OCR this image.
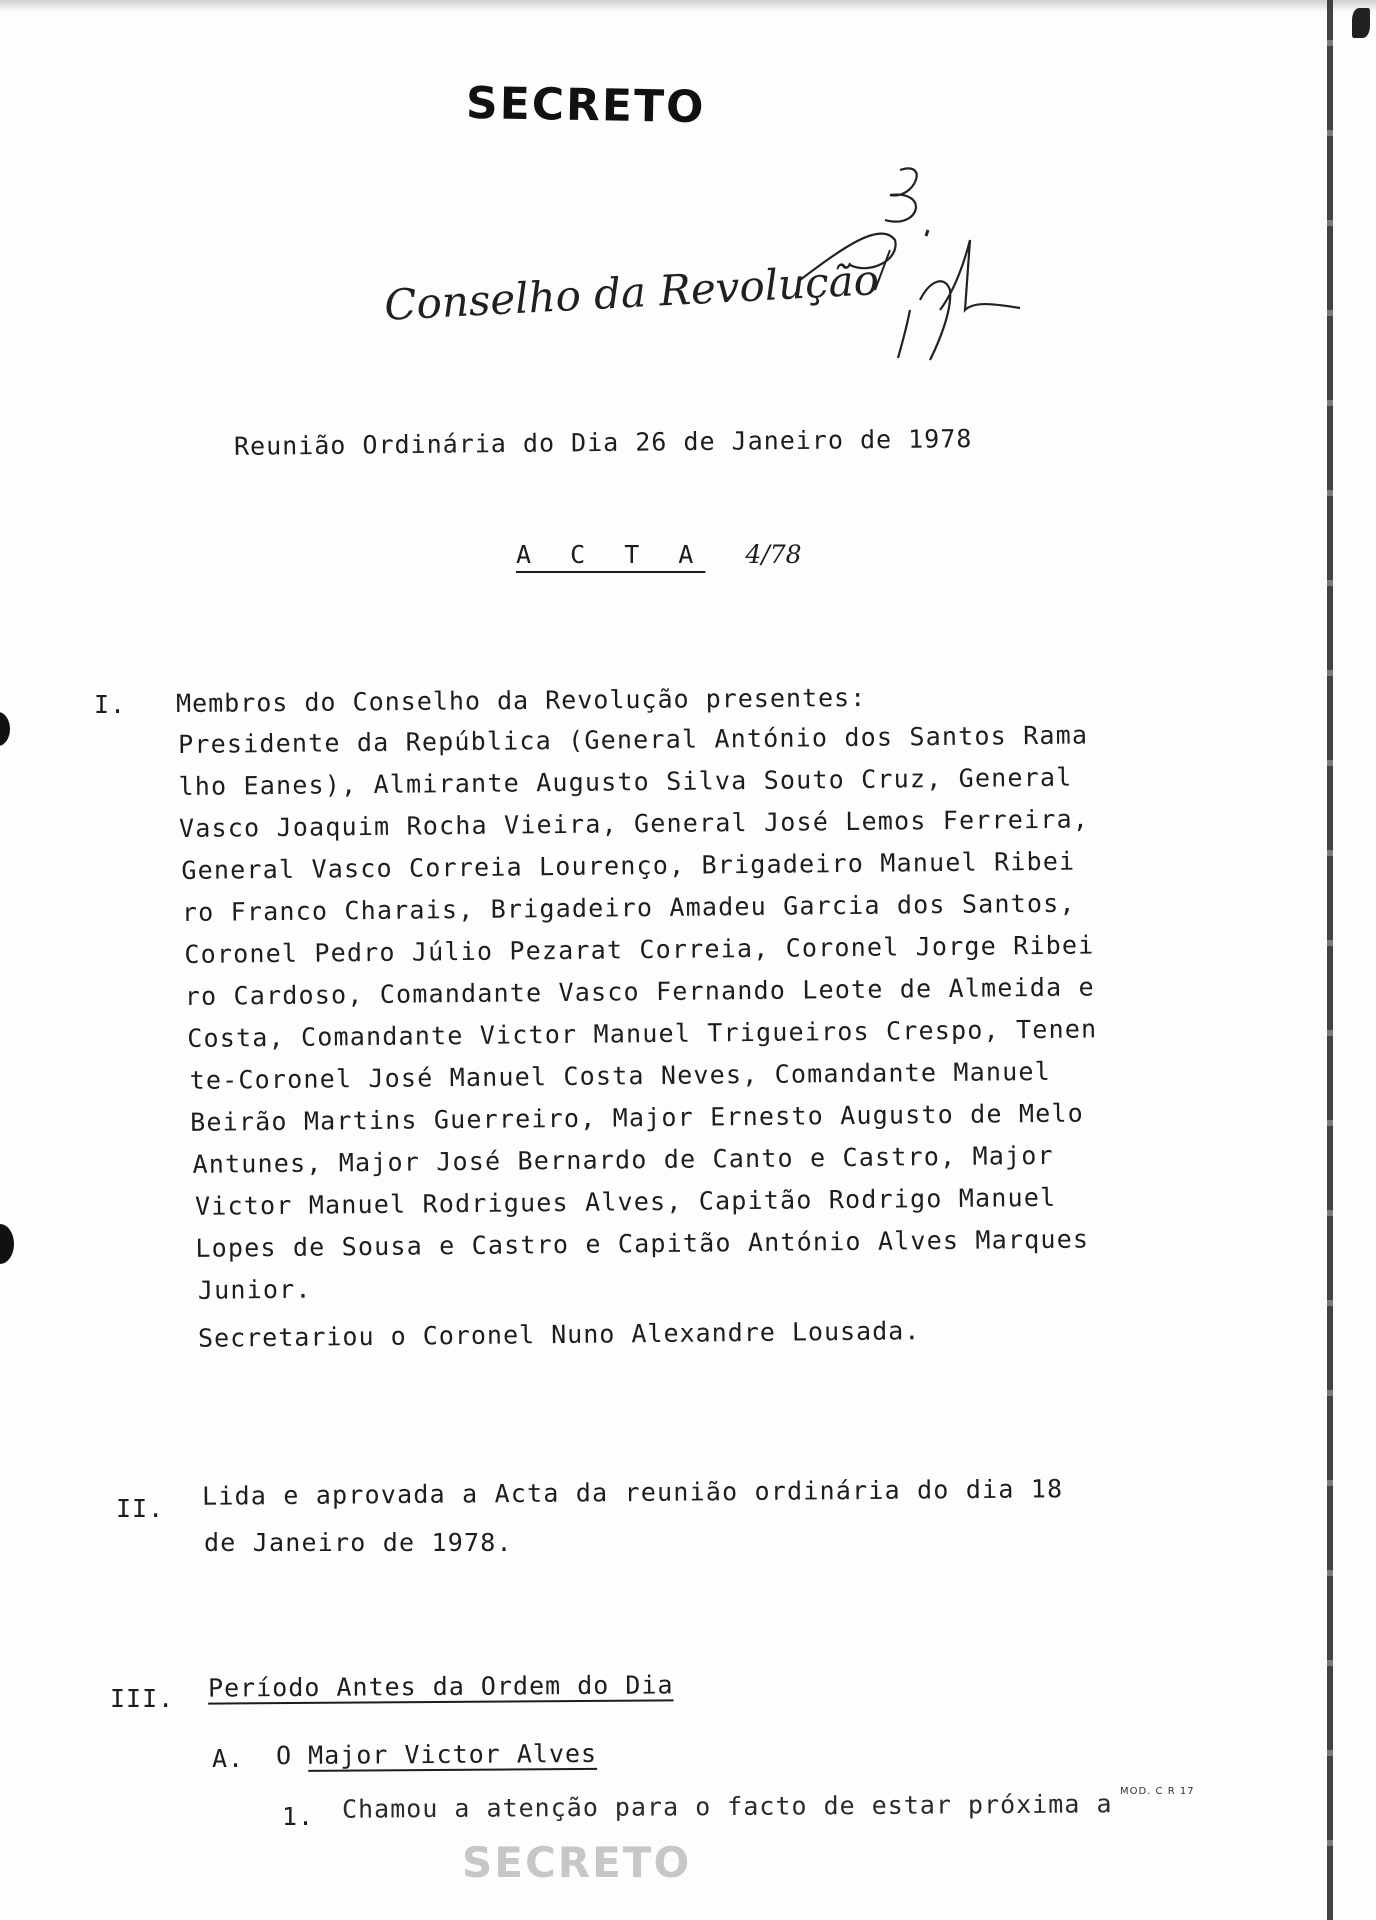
SECRETO
Conselho da Revolução
Reunião Ordinária do Dia 26 de Janeiro de 1978
A C T A 4/78
I. Membros do Conselho da Revolução presentes:
Presidente da República (General António dos Santos Rama
lho Eanes), Almirante Augusto Silva Souto Cruz, General
Vasco Joaquim Rocha Vieira, General José Lemos Ferreira,
General Vasco Correia Lourenço, Brigadeiro Manuel Ribei
ro Franco Charais, Brigadeiro Amadeu Garcia dos Santos,
Coronel Pedro Júlio Pezarat Correia, Coronel Jorge Ribei
ro Cardoso, Comandante Vasco Fernando Leote de Almeida e
Costa, Comandante Victor Manuel Trigueiros Crespo, Tenen
te-Coronel José Manuel Costa Neves, Comandante Manuel
Beirão Martins Guerreiro, Major Ernesto Augusto de Melo
Antunes, Major José Bernardo de Canto e Castro, Major
Victor Manuel Rodrigues Alves, Capitão Rodrigo Manuel
Lopes de Sousa e Castro e Capitão António Alves Marques
Junior.
Secretariou o Coronel Nuno Alexandre Lousada.
II. Lida e aprovada a Acta da reunião ordinária do dia 18
de Janeiro de 1978.
III. Período Antes da Ordem do Dia
A. O Major Victor Alves
1. Chamou a atenção para o facto de estar próxima a MOD. C R 17
SECRETO
